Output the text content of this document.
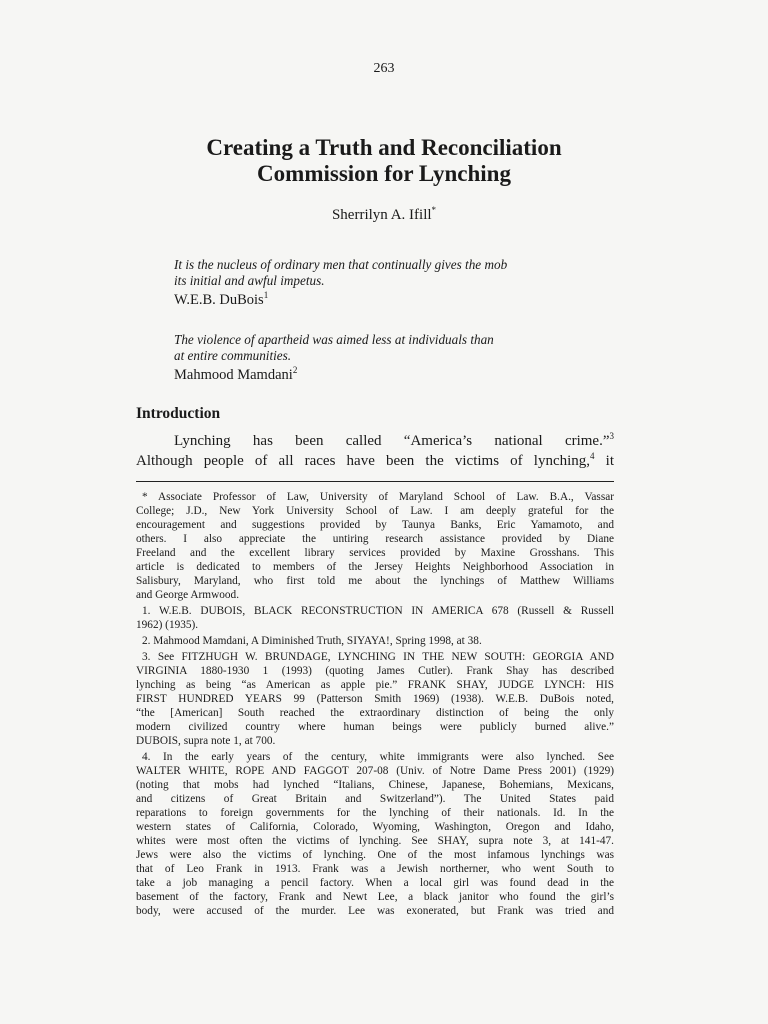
263
Creating a Truth and Reconciliation
Commission for Lynching
Sherrilyn A. Ifill*
It is the nucleus of ordinary men that continually gives the mob
its initial and awful impetus.
W.E.B. DuBois$^1$
The violence of apartheid was aimed less at individuals than
at entire communities.
Mahmood Mamdani$^2$
Introduction
Lynching has been called “America’s national crime.”$^3$
Although people of all races have been the victims of lynching,$^4$ it
* Associate Professor of Law, University of Maryland School of Law. B.A., Vassar
College; J.D., New York University School of Law. I am deeply grateful for the
encouragement and suggestions provided by Taunya Banks, Eric Yamamoto, and
others. I also appreciate the untiring research assistance provided by Diane
Freeland and the excellent library services provided by Maxine Grosshans. This
article is dedicated to members of the Jersey Heights Neighborhood Association in
Salisbury, Maryland, who first told me about the lynchings of Matthew Williams
and George Armwood.
1. W.E.B. DUBOIS, BLACK RECONSTRUCTION IN AMERICA 678 (Russell & Russell
1962) (1935).
2. Mahmood Mamdani, A Diminished Truth, SIYAYA!, Spring 1998, at 38.
3. See FITZHUGH W. BRUNDAGE, LYNCHING IN THE NEW SOUTH: GEORGIA AND
VIRGINIA 1880-1930 1 (1993) (quoting James Cutler). Frank Shay has described
lynching as being “as American as apple pie.” FRANK SHAY, JUDGE LYNCH: HIS
FIRST HUNDRED YEARS 99 (Patterson Smith 1969) (1938). W.E.B. DuBois noted,
“the [American] South reached the extraordinary distinction of being the only
modern civilized country where human beings were publicly burned alive.”
DUBOIS, supra note 1, at 700.
4. In the early years of the century, white immigrants were also lynched. See
WALTER WHITE, ROPE AND FAGGOT 207-08 (Univ. of Notre Dame Press 2001) (1929)
(noting that mobs had lynched “Italians, Chinese, Japanese, Bohemians, Mexicans,
and citizens of Great Britain and Switzerland”). The United States paid
reparations to foreign governments for the lynching of their nationals. Id. In the
western states of California, Colorado, Wyoming, Washington, Oregon and Idaho,
whites were most often the victims of lynching. See SHAY, supra note 3, at 141-47.
Jews were also the victims of lynching. One of the most infamous lynchings was
that of Leo Frank in 1913. Frank was a Jewish northerner, who went South to
take a job managing a pencil factory. When a local girl was found dead in the
basement of the factory, Frank and Newt Lee, a black janitor who found the girl’s
body, were accused of the murder. Lee was exonerated, but Frank was tried and
